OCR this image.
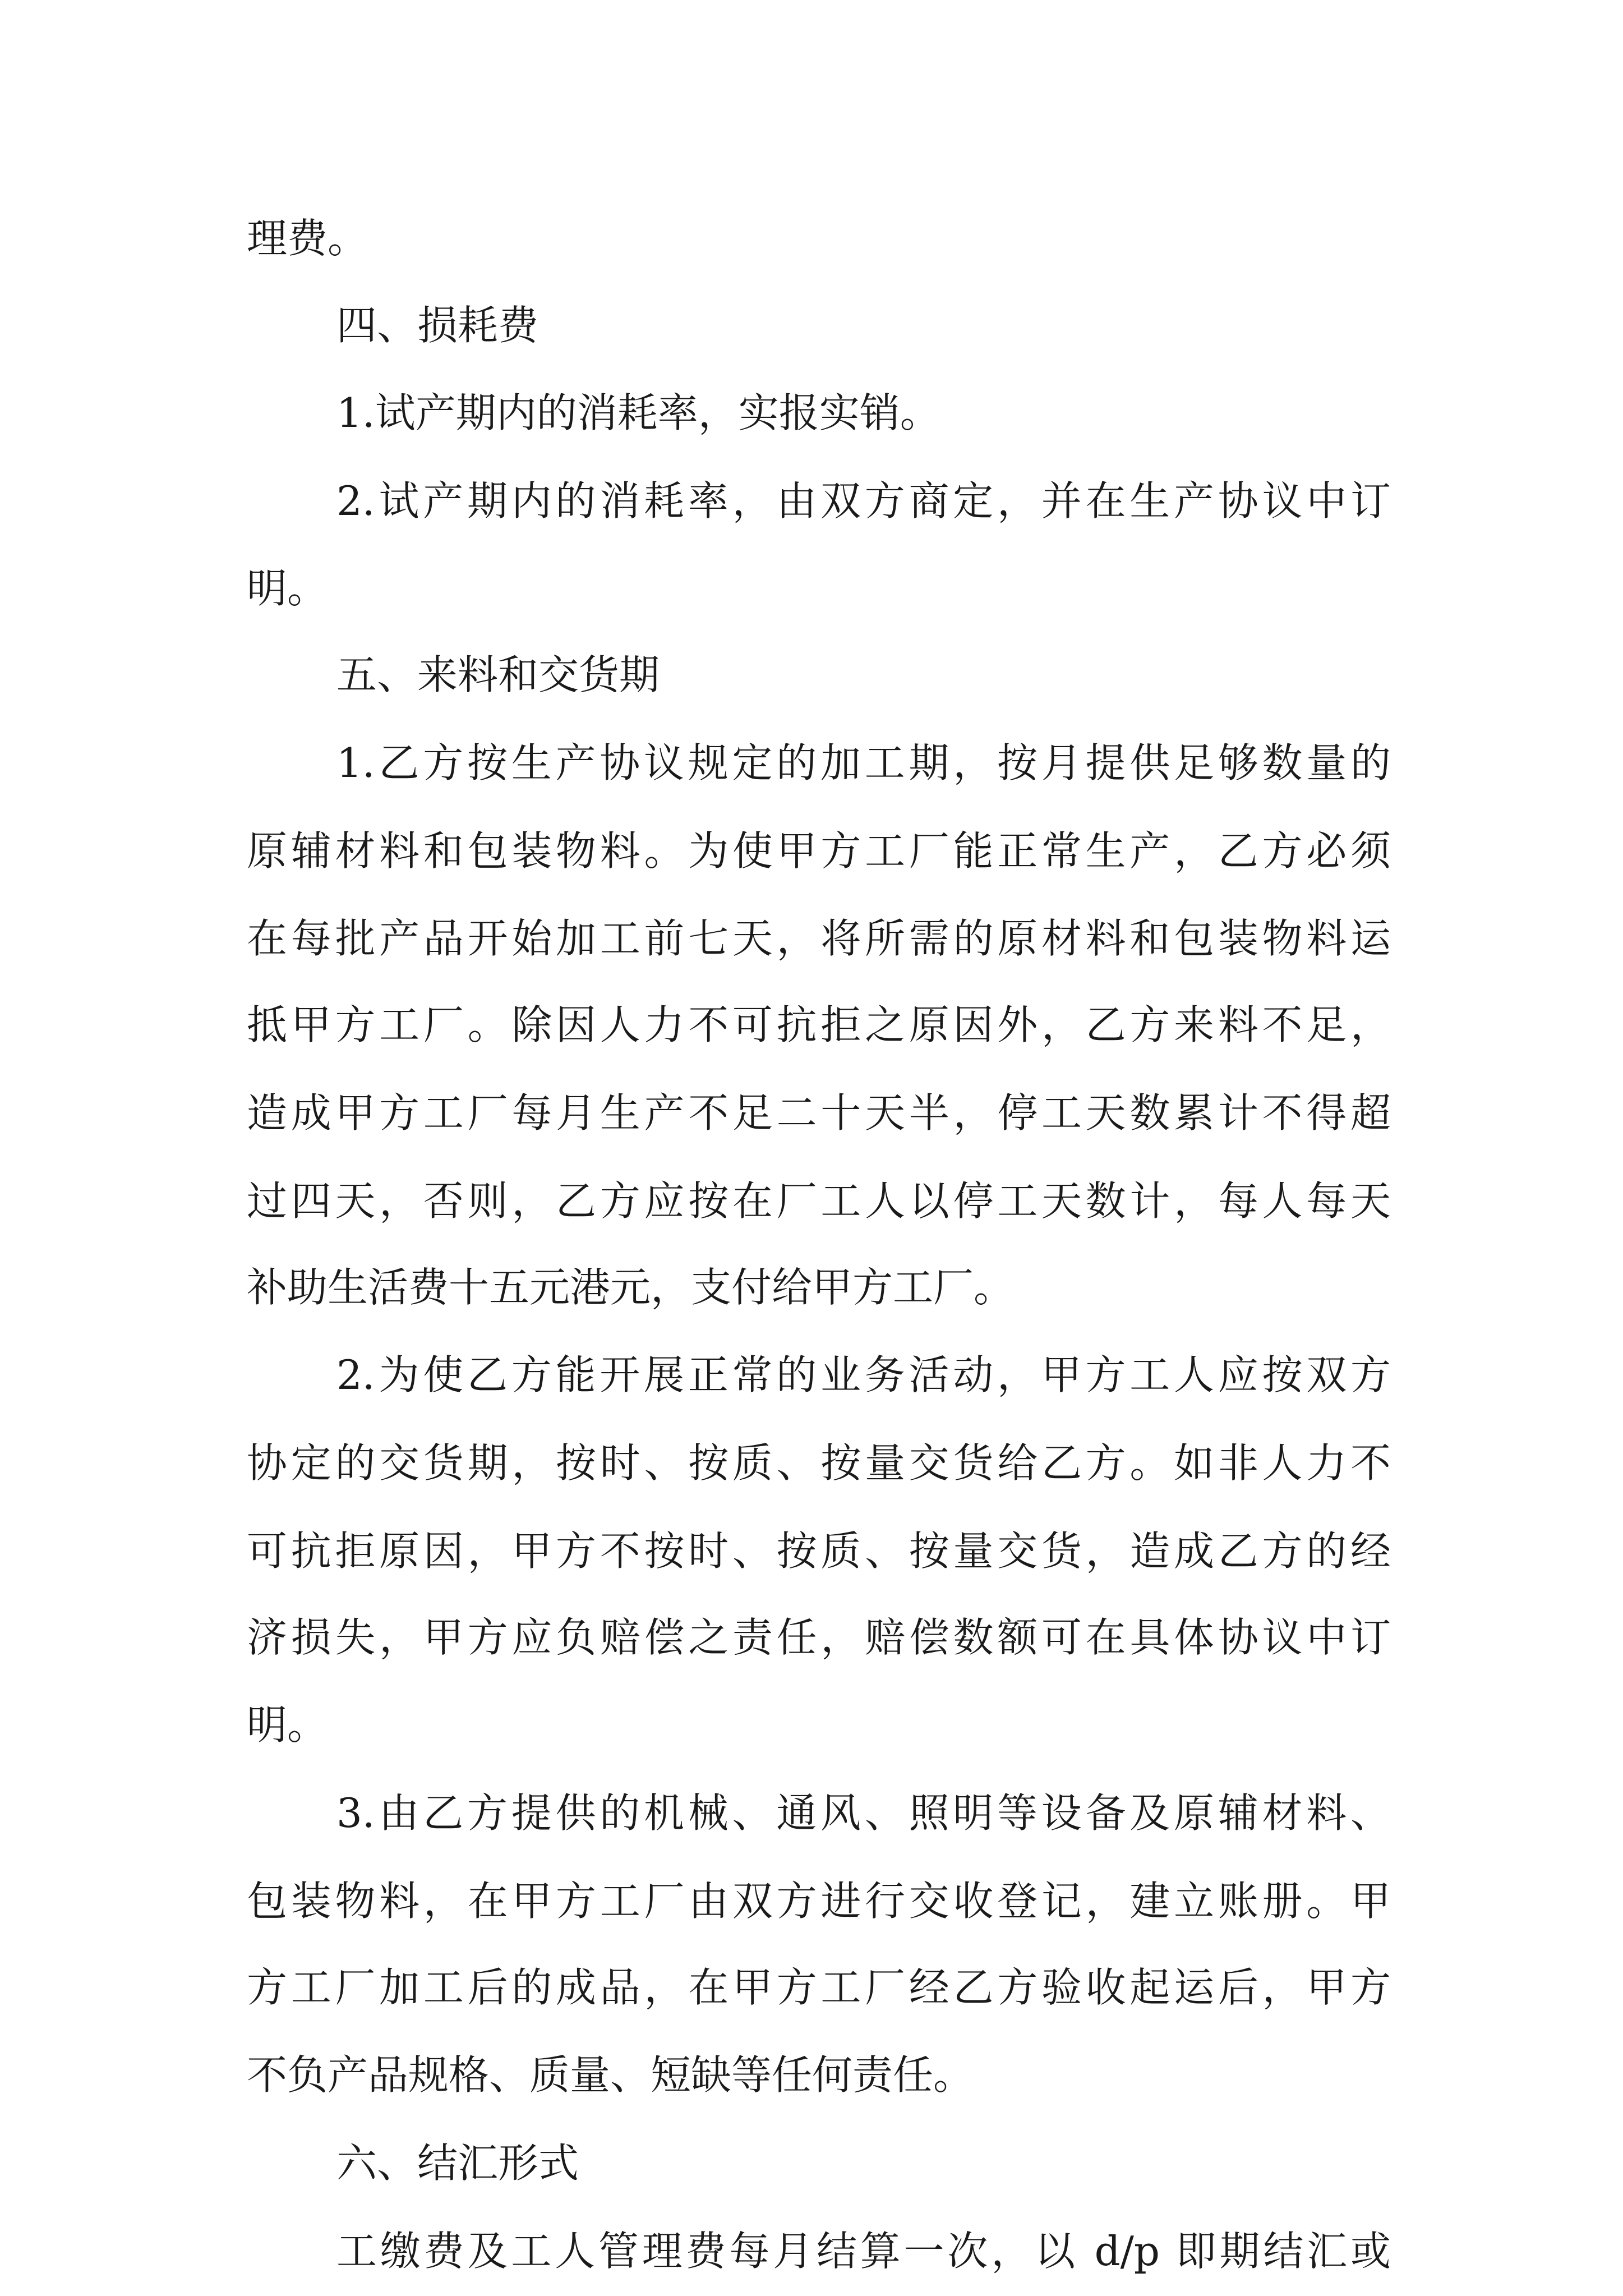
理费。
四、损耗费
1.试产期内的消耗率，实报实销。
2.试产期内的消耗率，由双方商定，并在生产协议中订
明。
五、来料和交货期
1.乙方按生产协议规定的加工期，按月提供足够数量的
原辅材料和包装物料。为使甲方工厂能正常生产，乙方必须
在每批产品开始加工前七天，将所需的原材料和包装物料运
抵甲方工厂。除因人力不可抗拒之原因外，乙方来料不足，
造成甲方工厂每月生产不足二十天半，停工天数累计不得超
过四天，否则，乙方应按在厂工人以停工天数计，每人每天
补助生活费十五元港元，支付给甲方工厂。
2.为使乙方能开展正常的业务活动，甲方工人应按双方
协定的交货期，按时、按质、按量交货给乙方。如非人力不
可抗拒原因，甲方不按时、按质、按量交货，造成乙方的经
济损失，甲方应负赔偿之责任，赔偿数额可在具体协议中订
明。
3.由乙方提供的机械、通风、照明等设备及原辅材料、
包装物料，在甲方工厂由双方进行交收登记，建立账册。甲
方工厂加工后的成品，在甲方工厂经乙方验收起运后，甲方
不负产品规格、质量、短缺等任何责任。
六、结汇形式
工缴费及工人管理费每月结算一次，以 d/p 即期结汇或
